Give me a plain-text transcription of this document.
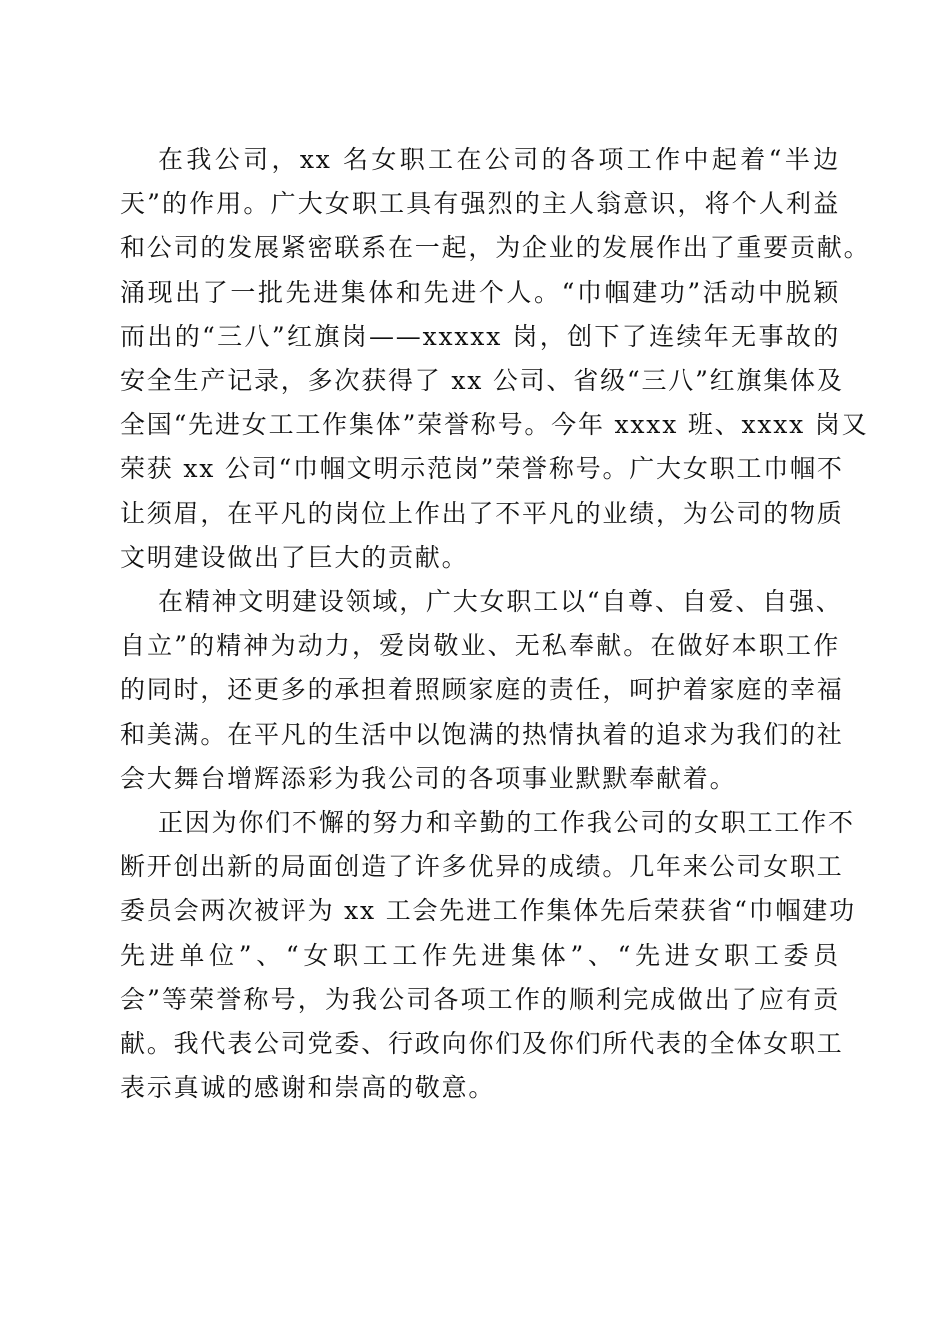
在我公司，xx 名女职工在公司的各项工作中起着“半边
天”的作用。广大女职工具有强烈的主人翁意识，将个人利益
和公司的发展紧密联系在一起，为企业的发展作出了重要贡献。
涌现出了一批先进集体和先进个人。“巾帼建功”活动中脱颖
而出的“三八”红旗岗——xxxxx 岗，创下了连续年无事故的
安全生产记录，多次获得了 xx 公司、省级“三八”红旗集体及
全国“先进女工工作集体”荣誉称号。今年 xxxx 班、xxxx 岗又
荣获 xx 公司“巾帼文明示范岗”荣誉称号。广大女职工巾帼不
让须眉，在平凡的岗位上作出了不平凡的业绩，为公司的物质
文明建设做出了巨大的贡献。

在精神文明建设领域，广大女职工以“自尊、自爱、自强、
自立”的精神为动力，爱岗敬业、无私奉献。在做好本职工作
的同时，还更多的承担着照顾家庭的责任，呵护着家庭的幸福
和美满。在平凡的生活中以饱满的热情执着的追求为我们的社
会大舞台增辉添彩为我公司的各项事业默默奉献着。

正因为你们不懈的努力和辛勤的工作我公司的女职工工作不
断开创出新的局面创造了许多优异的成绩。几年来公司女职工
委员会两次被评为 xx 工会先进工作集体先后荣获省“巾帼建功
先进单位”、“女职工工作先进集体”、“先进女职工委员
会”等荣誉称号，为我公司各项工作的顺利完成做出了应有贡
献。我代表公司党委、行政向你们及你们所代表的全体女职工
表示真诚的感谢和崇高的敬意。
